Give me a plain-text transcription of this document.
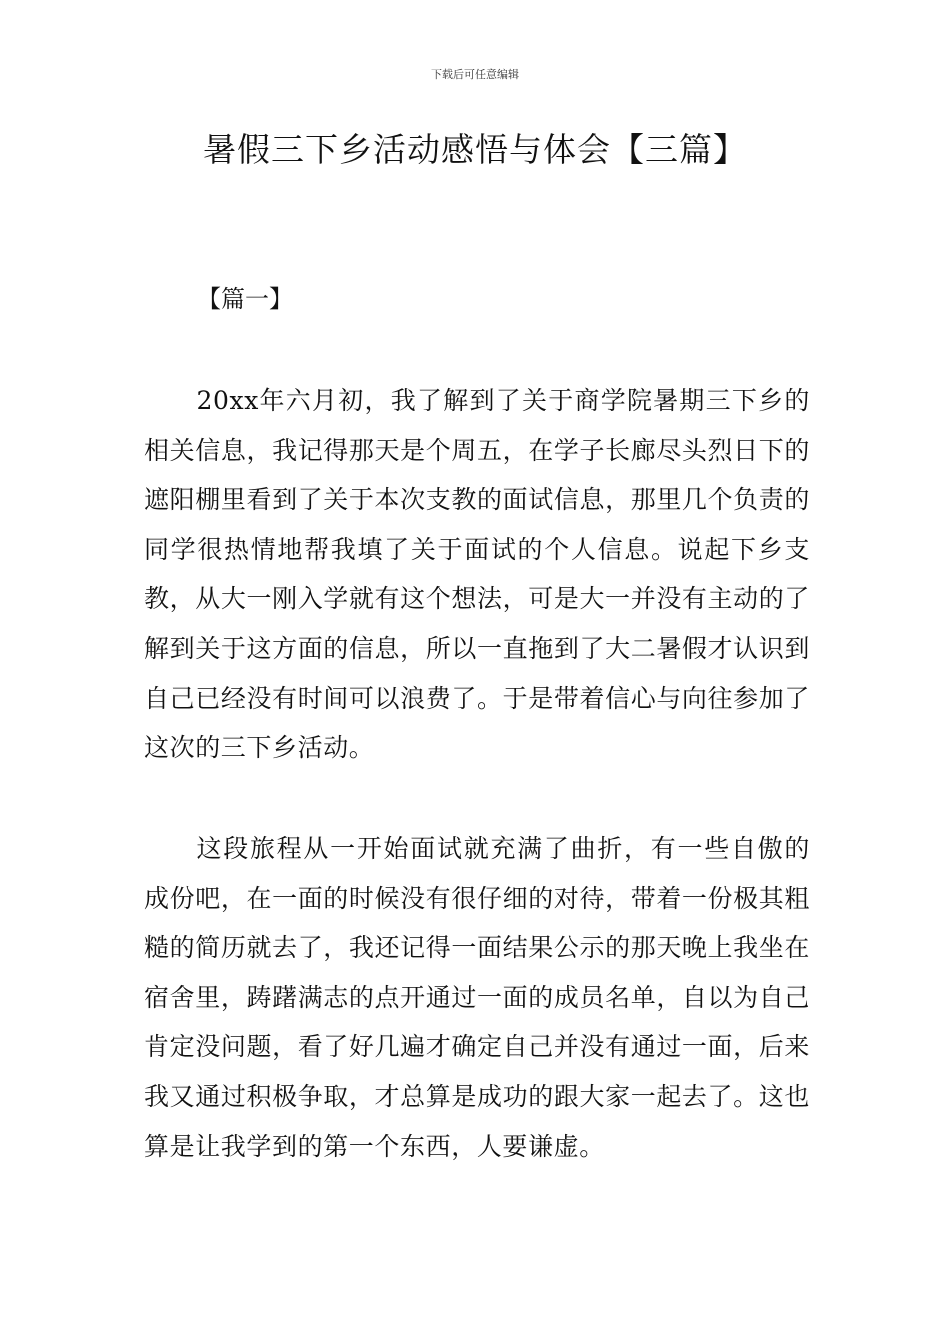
下载后可任意编辑
暑假三下乡活动感悟与体会【三篇】
【篇一】

20xx年六月初，我了解到了关于商学院暑期三下乡的相关信息，我记得那天是个周五，在学子长廊尽头烈日下的遮阳棚里看到了关于本次支教的面试信息，那里几个负责的同学很热情地帮我填了关于面试的个人信息。说起下乡支教，从大一刚入学就有这个想法，可是大一并没有主动的了解到关于这方面的信息，所以一直拖到了大二暑假才认识到自己已经没有时间可以浪费了。于是带着信心与向往参加了这次的三下乡活动。

这段旅程从一开始面试就充满了曲折，有一些自傲的成份吧，在一面的时候没有很仔细的对待，带着一份极其粗糙的简历就去了，我还记得一面结果公示的那天晚上我坐在宿舍里，踌躇满志的点开通过一面的成员名单，自以为自己肯定没问题，看了好几遍才确定自己并没有通过一面，后来我又通过积极争取，才总算是成功的跟大家一起去了。这也算是让我学到的第一个东西，人要谦虚。
